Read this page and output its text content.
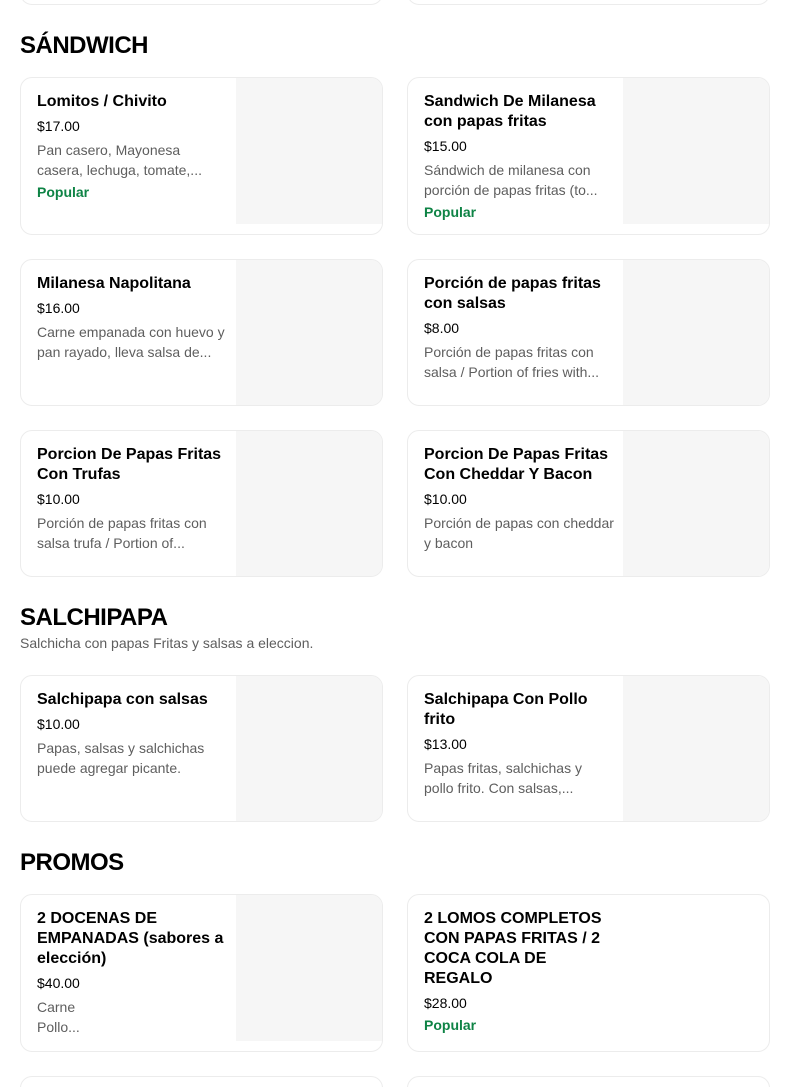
SÁNDWICH
Lomitos / Chivito
$17.00
Pan casero, Mayonesa casera, lechuga, tomate,...
Popular
Sandwich De Milanesa con papas fritas
$15.00
Sándwich de milanesa con porción de papas fritas (to...
Popular
Milanesa Napolitana
$16.00
Carne empanada con huevo y pan rayado, lleva salsa de...
Porción de papas fritas con salsas
$8.00
Porción de papas fritas con salsa / Portion of fries with...
Porcion De Papas Fritas Con Trufas
$10.00
Porción de papas fritas con salsa trufa / Portion of...
Porcion De Papas Fritas Con Cheddar Y Bacon
$10.00
Porción de papas con cheddar y bacon
SALCHIPAPA

Salchicha con papas Fritas y salsas a eleccion.

Salchipapa con salsas
$10.00
Papas, salsas y salchichas puede agregar picante.
Salchipapa Con Pollo frito
$13.00
Papas fritas, salchichas y pollo frito. Con salsas,...
PROMOS
2 DOCENAS DE EMPANADAS (sabores a elección)
$40.00
Carne
Pollo...
2 LOMOS COMPLETOS CON PAPAS FRITAS / 2 COCA COLA DE REGALO
$28.00
Popular
